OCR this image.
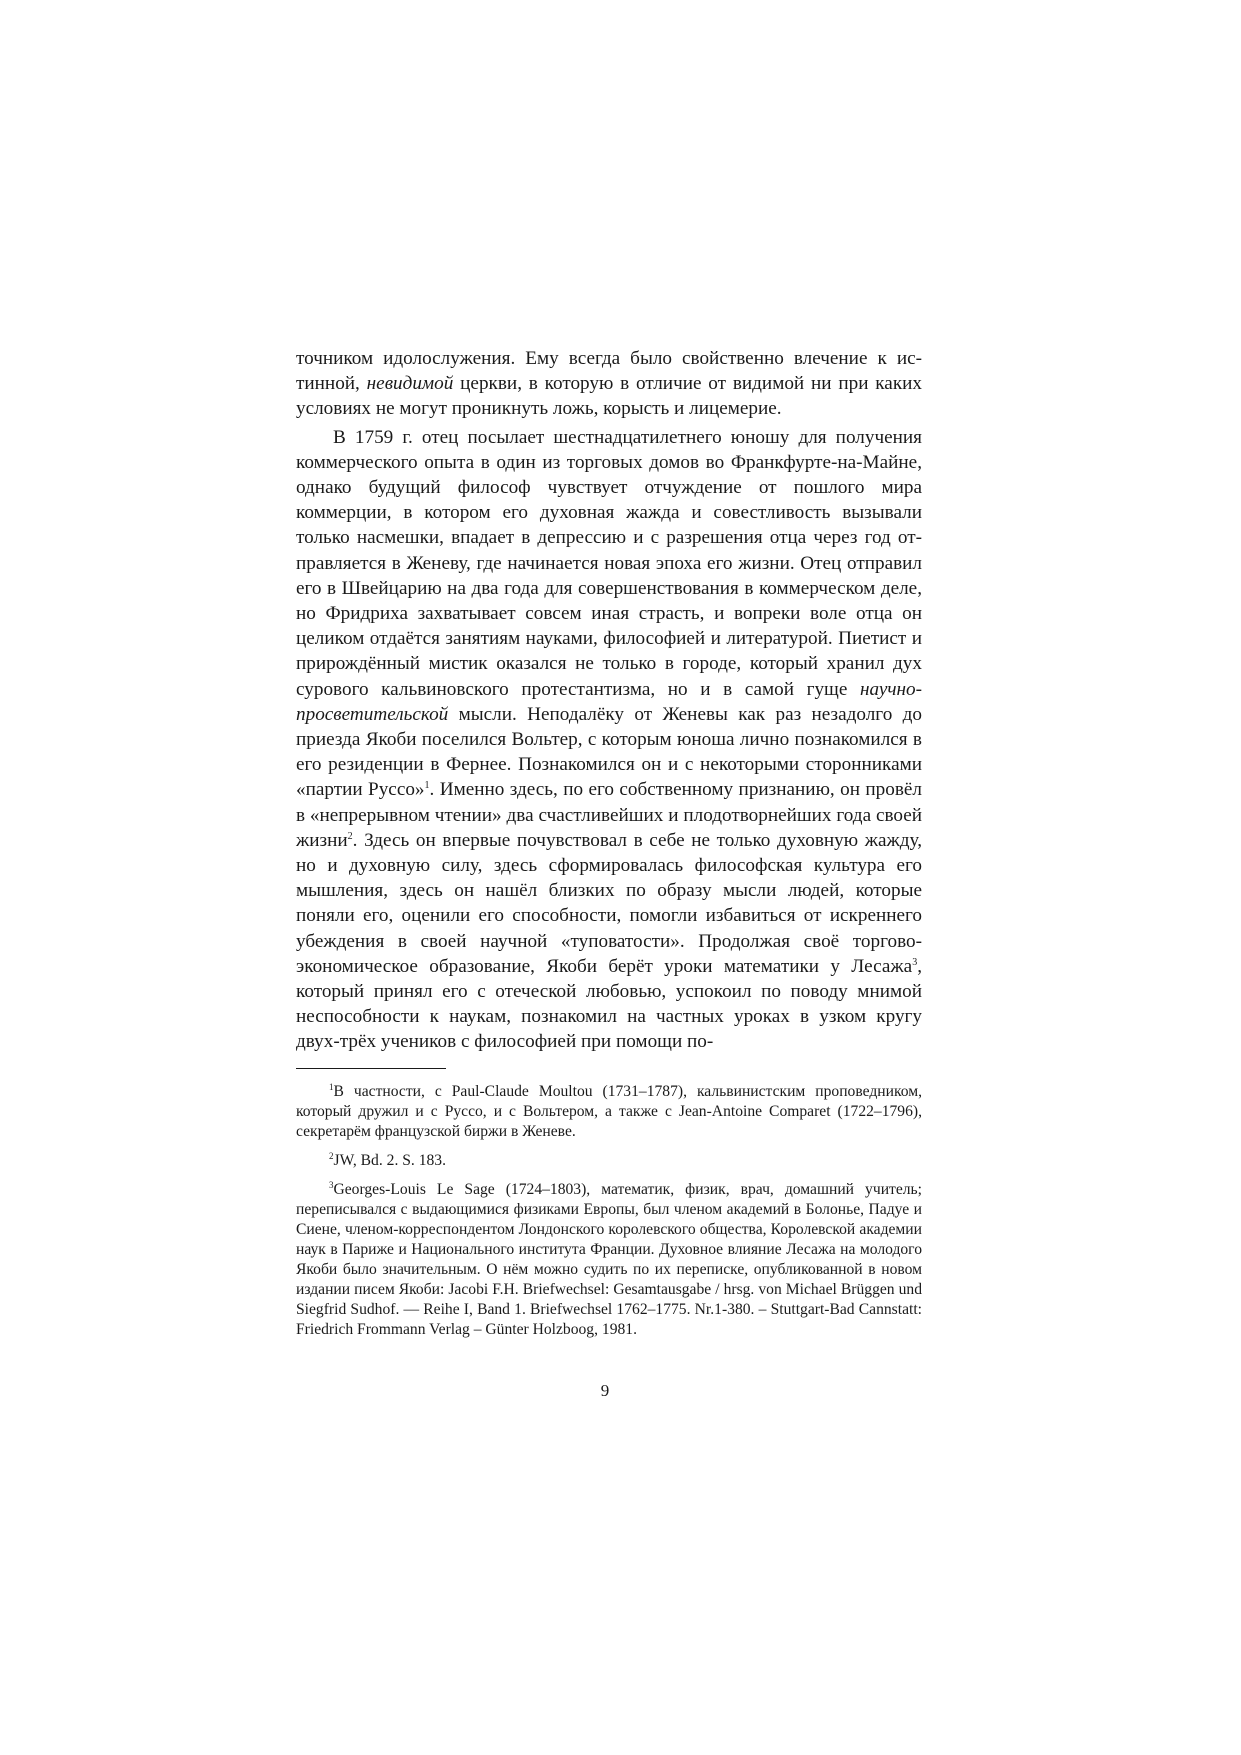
точником идолослужения. Ему всегда было свойственно влечение к истинной, невидимой церкви, в которую в отличие от видимой ни при каких условиях не могут проникнуть ложь, корысть и лицемерие.

В 1759 г. отец посылает шестнадцатилетнего юношу для получения коммерческого опыта в один из торговых домов во Франкфурте-на-Майне, однако будущий философ чувствует отчуждение от пошлого мира коммерции, в котором его духовная жажда и совестливость вызывали только насмешки, впадает в депрессию и с разрешения отца через год отправляется в Женеву, где начинается новая эпоха его жизни. Отец отправил его в Швейцарию на два года для совершенствования в коммерческом деле, но Фридриха захватывает совсем иная страсть, и вопреки воле отца он целиком отдаётся занятиям науками, философией и литературой. Пиетист и прирождённый мистик оказался не только в городе, который хранил дух сурового кальвиновского протестантизма, но и в самой гуще научно-просветительской мысли. Неподалёку от Женевы как раз незадолго до приезда Якоби поселился Вольтер, с которым юноша лично познакомился в его резиденции в Фернее. Познакомился он и с некоторыми сторонниками «партии Руссо»$^1$. Именно здесь, по его собственному признанию, он провёл в «непрерывном чтении» два счастливейших и плодотворнейших года своей жизни$^2$. Здесь он впервые почувствовал в себе не только духовную жажду, но и духовную силу, здесь сформировалась философская культура его мышления, здесь он нашёл близких по образу мысли людей, которые поняли его, оценили его способности, помогли избавиться от искреннего убеждения в своей научной «туповатости». Продолжая своё торгово-экономическое образование, Якоби берёт уроки математики у Лесажа$^3$, который принял его с отеческой любовью, успокоил по поводу мнимой неспособности к наукам, познакомил на частных уроках в узком кругу двух-трёх учеников с философией при помощи по-

$^1$В частности, с Paul-Claude Moultou (1731–1787), кальвинистским проповедником, который дружил и с Руссо, и с Вольтером, а также с Jean-Antoine Comparet (1722–1796), секретарём французской биржи в Женеве.

$^2$JW, Bd. 2. S. 183.

$^3$Georges-Louis Le Sage (1724–1803), математик, физик, врач, домашний учитель; переписывался с выдающимися физиками Европы, был членом академий в Болонье, Падуе и Сиене, членом-корреспондентом Лондонского королевского общества, Королевской академии наук в Париже и Национального института Франции. Духовное влияние Лесажа на молодого Якоби было значительным. О нём можно судить по их переписке, опубликованной в новом издании писем Якоби: Jacobi F.H. Briefwechsel: Gesamtausgabe / hrsg. von Michael Brüggen und Siegfrid Sudhof. — Reihe I, Band 1. Briefwechsel 1762–1775. Nr.1-380. – Stuttgart-Bad Cannstatt: Friedrich Frommann Verlag – Günter Holzboog, 1981.

9
